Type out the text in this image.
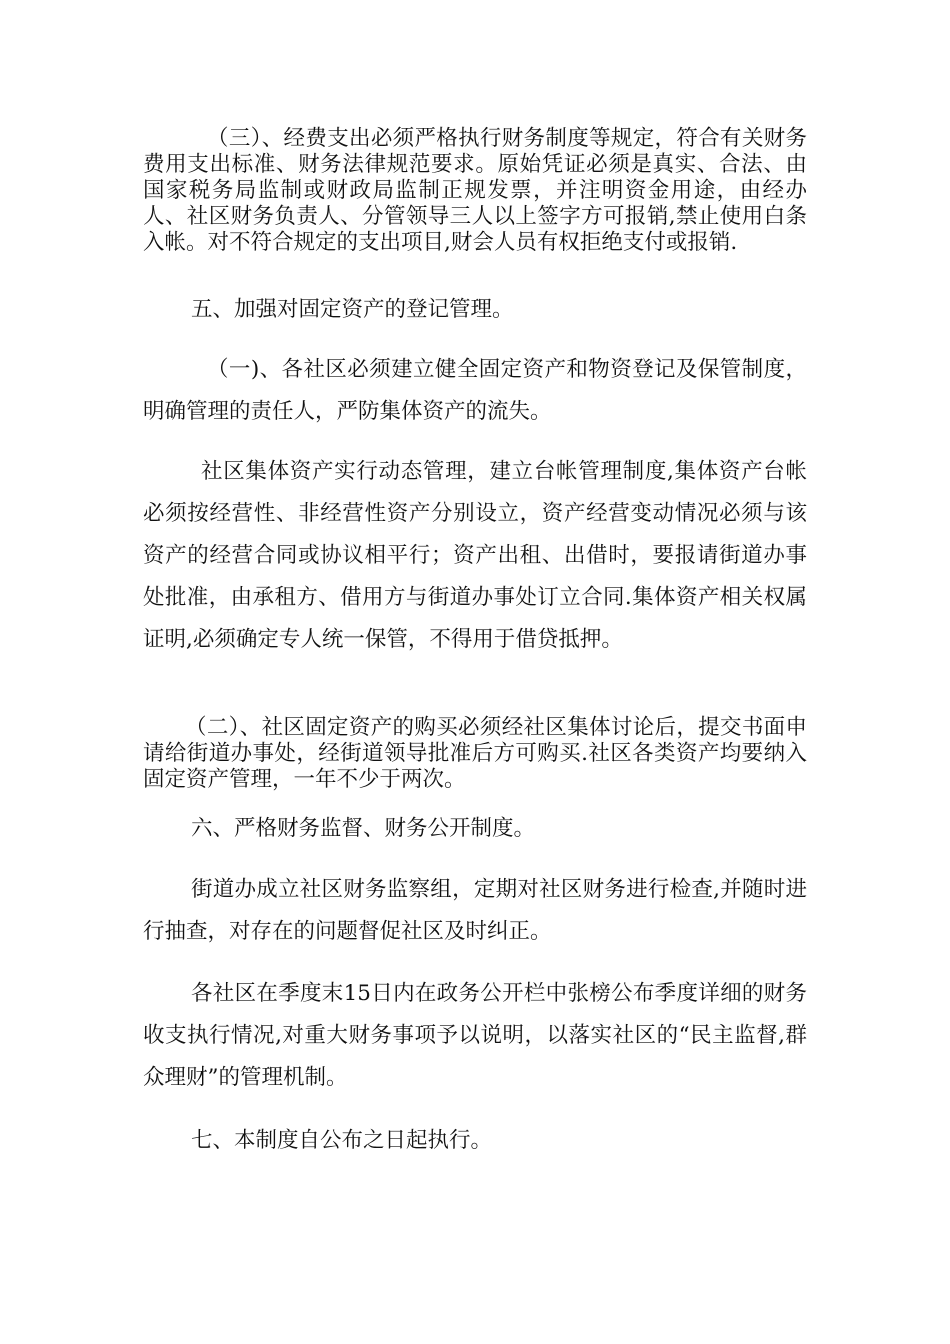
（三）、经费支出必须严格执行财务制度等规定，符合有关财务费用支出标准、财务法律规范要求。原始凭证必须是真实、合法、由国家税务局监制或财政局监制正规发票，并注明资金用途，由经办人、社区财务负责人、分管领导三人以上签字方可报销,禁止使用白条入帐。对不符合规定的支出项目,财会人员有权拒绝支付或报销.

五、加强对固定资产的登记管理。

（一)、各社区必须建立健全固定资产和物资登记及保管制度，明确管理的责任人，严防集体资产的流失。

社区集体资产实行动态管理，建立台帐管理制度,集体资产台帐必须按经营性、非经营性资产分别设立，资产经营变动情况必须与该资产的经营合同或协议相平行；资产出租、出借时，要报请街道办事处批准，由承租方、借用方与街道办事处订立合同.集体资产相关权属证明,必须确定专人统一保管，不得用于借贷抵押。

（二）、社区固定资产的购买必须经社区集体讨论后，提交书面申请给街道办事处，经街道领导批准后方可购买.社区各类资产均要纳入固定资产管理，一年不少于两次。

六、严格财务监督、财务公开制度。

街道办成立社区财务监察组，定期对社区财务进行检查,并随时进行抽查，对存在的问题督促社区及时纠正。

各社区在季度末15日内在政务公开栏中张榜公布季度详细的财务收支执行情况,对重大财务事项予以说明，以落实社区的“民主监督,群众理财”的管理机制。

七、本制度自公布之日起执行。
